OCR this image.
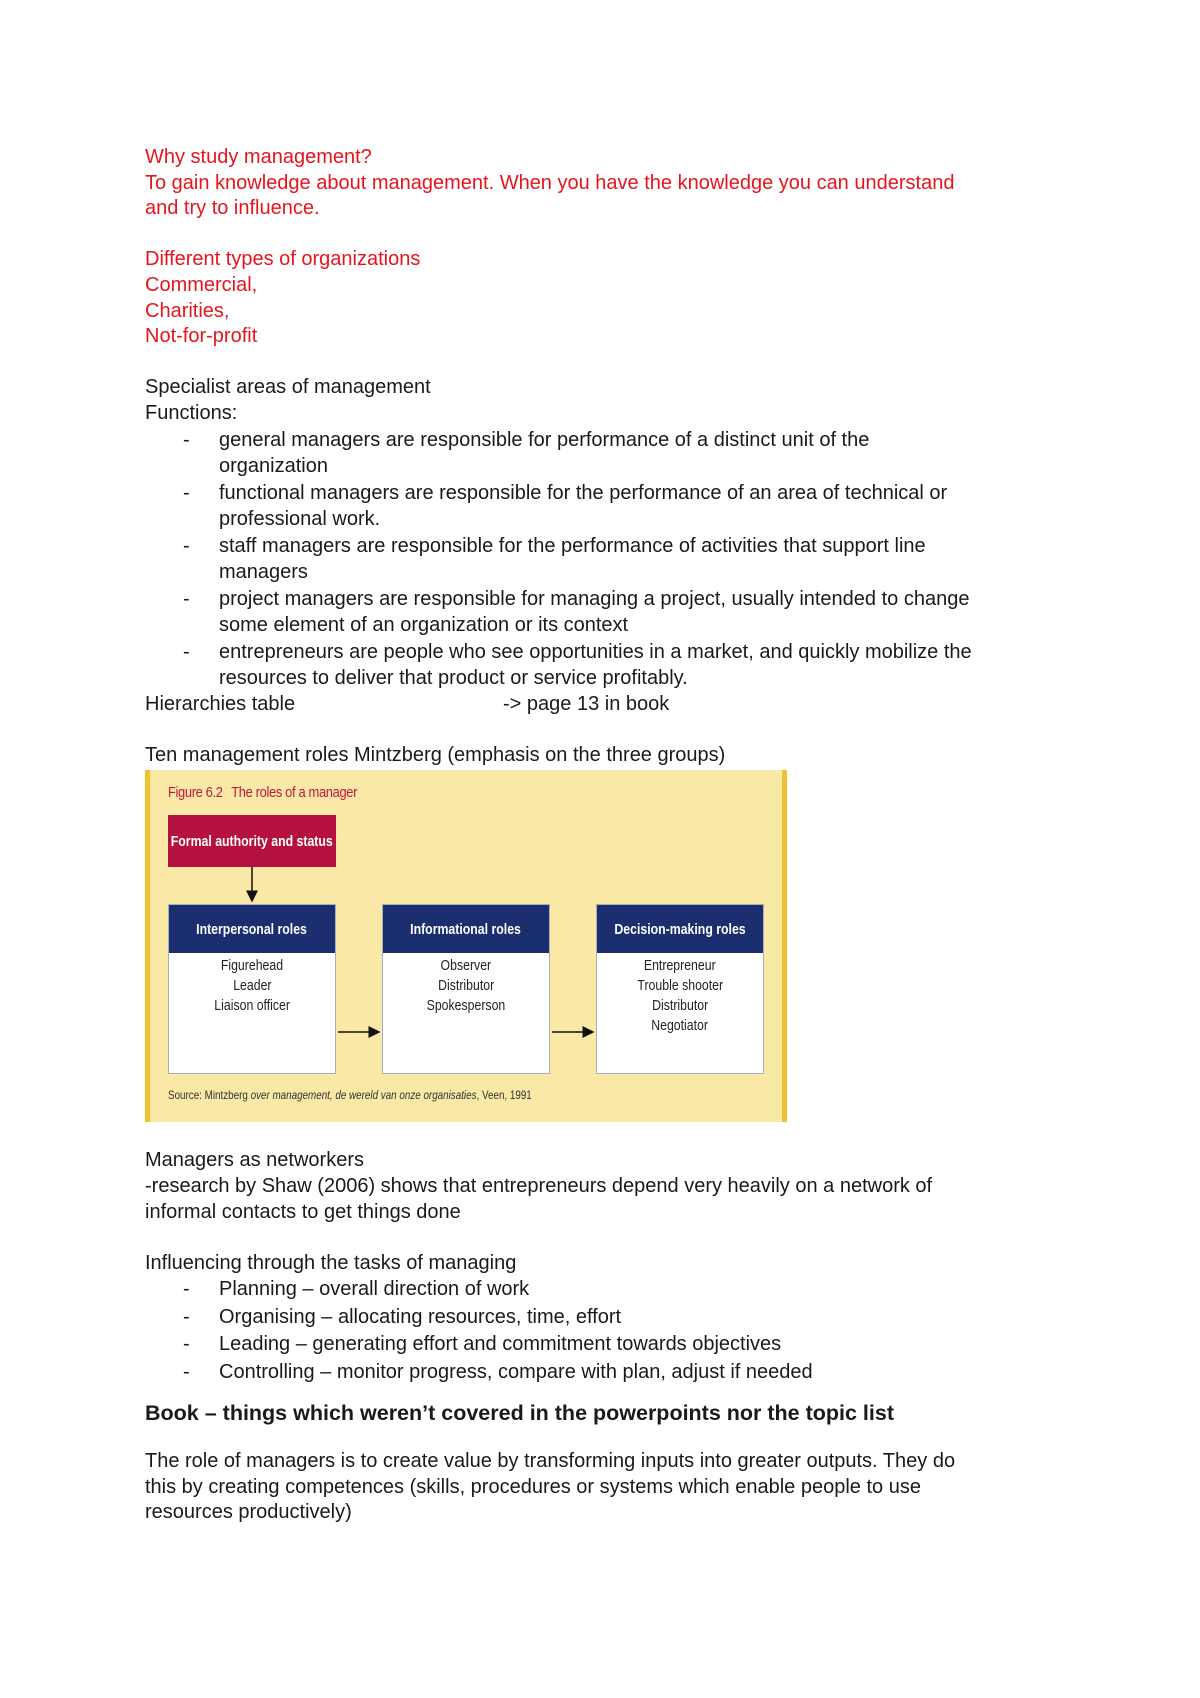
Why study management?

To gain knowledge about management. When you have the knowledge you can understand

and try to influence.

Different types of organizations

Commercial,

Charities,

Not-for-profit

Specialist areas of management

Functions:

- general managers are responsible for performance of a distinct unit of the
organization
- functional managers are responsible for the performance of an area of technical or
professional work.
- staff managers are responsible for the performance of activities that support line
managers
- project managers are responsible for managing a project, usually intended to change
some element of an organization or its context
- entrepreneurs are people who see opportunities in a market, and quickly mobilize the
resources to deliver that product or service profitably.
Hierarchies table	-> page 13 in book

Ten management roles Mintzberg (emphasis on the three groups)

Figure 6.2 The roles of a manager
Formal authority and status
Interpersonal roles
Figurehead
Leader
Liaison officer
Informational roles
Observer
Distributor
Spokesperson
Decision-making roles
Entrepreneur
Trouble shooter
Distributor
Negotiator
Source: Mintzberg over management, de wereld van onze organisaties, Veen, 1991

Managers as networkers

-research by Shaw (2006) shows that entrepreneurs depend very heavily on a network of

informal contacts to get things done

Influencing through the tasks of managing

- Planning – overall direction of work
- Organising – allocating resources, time, effort
- Leading – generating effort and commitment towards objectives
- Controlling – monitor progress, compare with plan, adjust if needed
Book – things which weren’t covered in the powerpoints nor the topic list

The role of managers is to create value by transforming inputs into greater outputs. They do

this by creating competences (skills, procedures or systems which enable people to use

resources productively)
